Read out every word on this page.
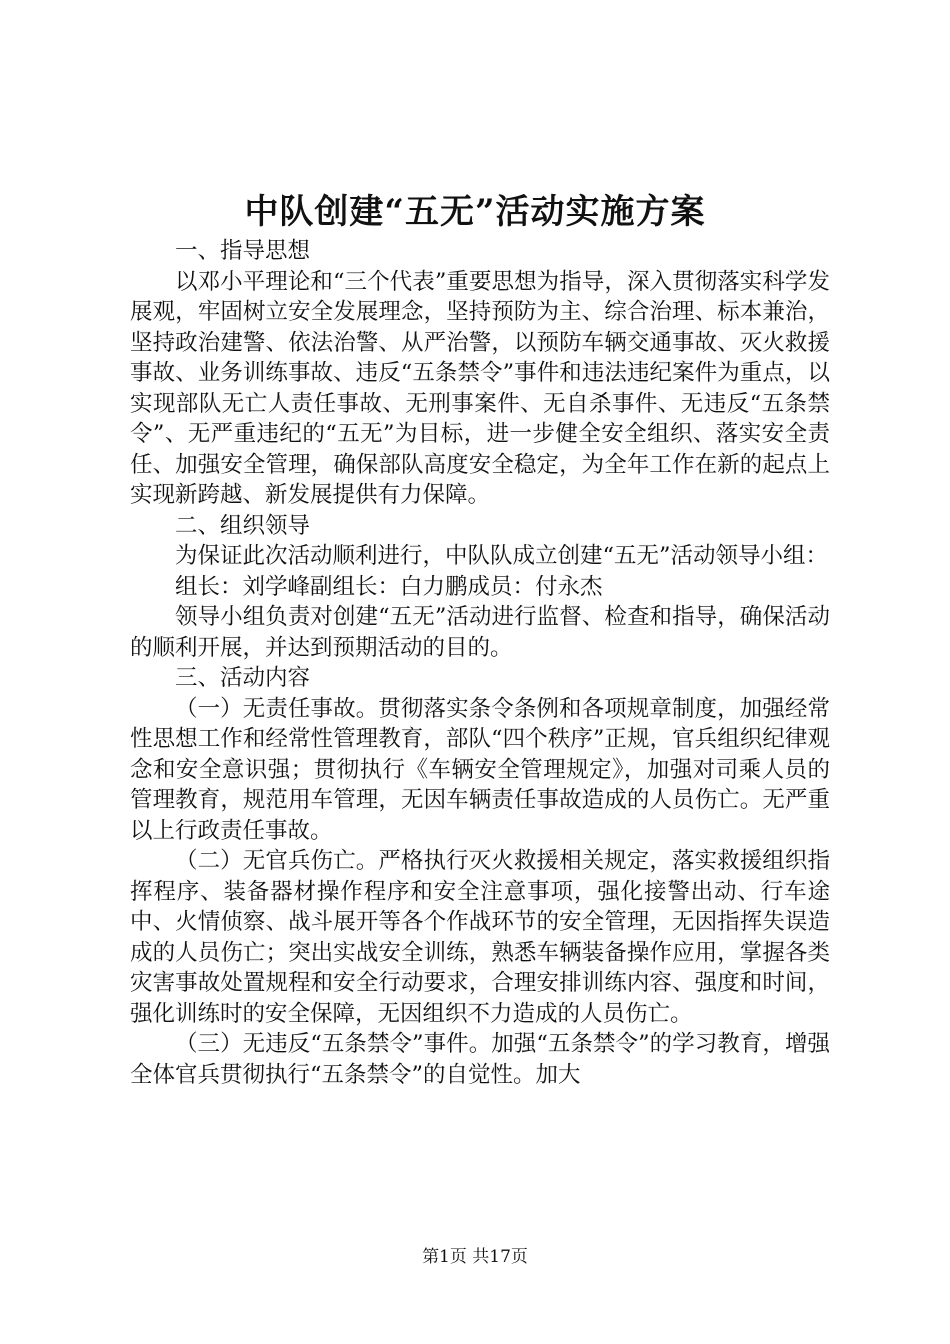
中队创建“五无”活动实施方案

一、指导思想

以邓小平理论和“三个代表”重要思想为指导，深入贯彻落实科学发展观，牢固树立安全发展理念，坚持预防为主、综合治理、标本兼治，坚持政治建警、依法治警、从严治警，以预防车辆交通事故、灭火救援事故、业务训练事故、违反“五条禁令”事件和违法违纪案件为重点，以实现部队无亡人责任事故、无刑事案件、无自杀事件、无违反“五条禁令”、无严重违纪的“五无”为目标，进一步健全安全组织、落实安全责任、加强安全管理，确保部队高度安全稳定，为全年工作在新的起点上实现新跨越、新发展提供有力保障。

二、组织领导

为保证此次活动顺利进行，中队队成立创建“五无”活动领导小组：

组长：刘学峰副组长：白力鹏成员：付永杰

领导小组负责对创建“五无”活动进行监督、检查和指导，确保活动的顺利开展，并达到预期活动的目的。

三、活动内容

（一）无责任事故。贯彻落实条令条例和各项规章制度，加强经常性思想工作和经常性管理教育，部队“四个秩序”正规，官兵组织纪律观念和安全意识强；贯彻执行《车辆安全管理规定》，加强对司乘人员的管理教育，规范用车管理，无因车辆责任事故造成的人员伤亡。无严重以上行政责任事故。

（二）无官兵伤亡。严格执行灭火救援相关规定，落实救援组织指挥程序、装备器材操作程序和安全注意事项，强化接警出动、行车途中、火情侦察、战斗展开等各个作战环节的安全管理，无因指挥失误造成的人员伤亡；突出实战安全训练，熟悉车辆装备操作应用，掌握各类灾害事故处置规程和安全行动要求，合理安排训练内容、强度和时间，强化训练时的安全保障，无因组织不力造成的人员伤亡。

（三）无违反“五条禁令”事件。加强“五条禁令”的学习教育，增强全体官兵贯彻执行“五条禁令”的自觉性。加大

第1页 共17页
